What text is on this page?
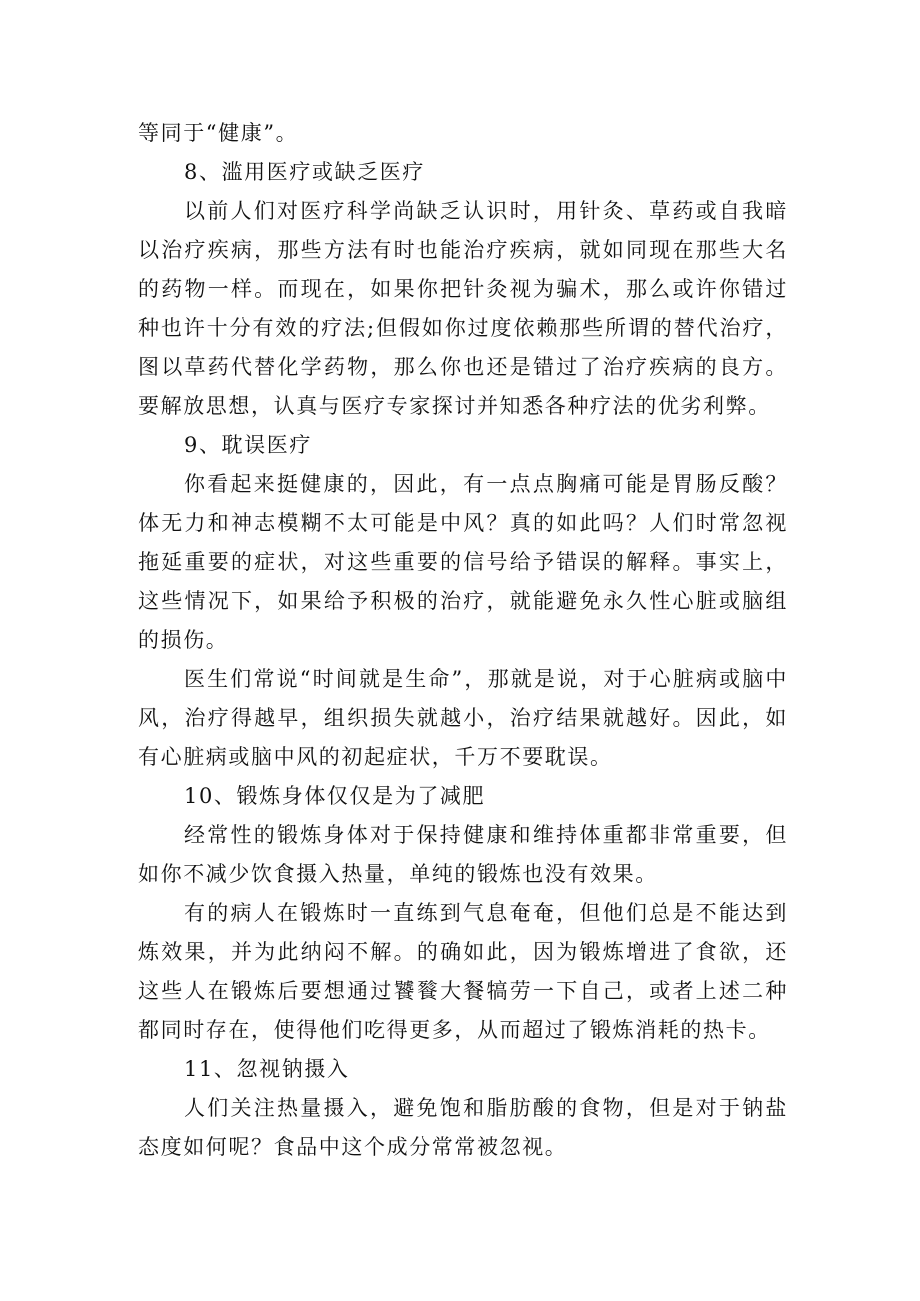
等同于“健康”。
8、滥用医疗或缺乏医疗
以前人们对医疗科学尚缺乏认识时，用针灸、草药或自我暗
以治疗疾病，那些方法有时也能治疗疾病，就如同现在那些大名
的药物一样。而现在，如果你把针灸视为骗术，那么或许你错过
种也许十分有效的疗法;但假如你过度依赖那些所谓的替代治疗，
图以草药代替化学药物，那么你也还是错过了治疗疾病的良方。
要解放思想，认真与医疗专家探讨并知悉各种疗法的优劣利弊。
9、耽误医疗
你看起来挺健康的，因此，有一点点胸痛可能是胃肠反酸？
体无力和神志模糊不太可能是中风？真的如此吗？人们时常忽视
拖延重要的症状，对这些重要的信号给予错误的解释。事实上，
这些情况下，如果给予积极的治疗，就能避免永久性心脏或脑组
的损伤。
医生们常说“时间就是生命”，那就是说，对于心脏病或脑中
风，治疗得越早，组织损失就越小，治疗结果就越好。因此，如
有心脏病或脑中风的初起症状，千万不要耽误。
10、锻炼身体仅仅是为了减肥
经常性的锻炼身体对于保持健康和维持体重都非常重要，但
如你不减少饮食摄入热量，单纯的锻炼也没有效果。
有的病人在锻炼时一直练到气息奄奄，但他们总是不能达到
炼效果，并为此纳闷不解。的确如此，因为锻炼增进了食欲，还
这些人在锻炼后要想通过饕餮大餐犒劳一下自己，或者上述二种
都同时存在，使得他们吃得更多，从而超过了锻炼消耗的热卡。
11、忽视钠摄入
人们关注热量摄入，避免饱和脂肪酸的食物，但是对于钠盐
态度如何呢？食品中这个成分常常被忽视。
